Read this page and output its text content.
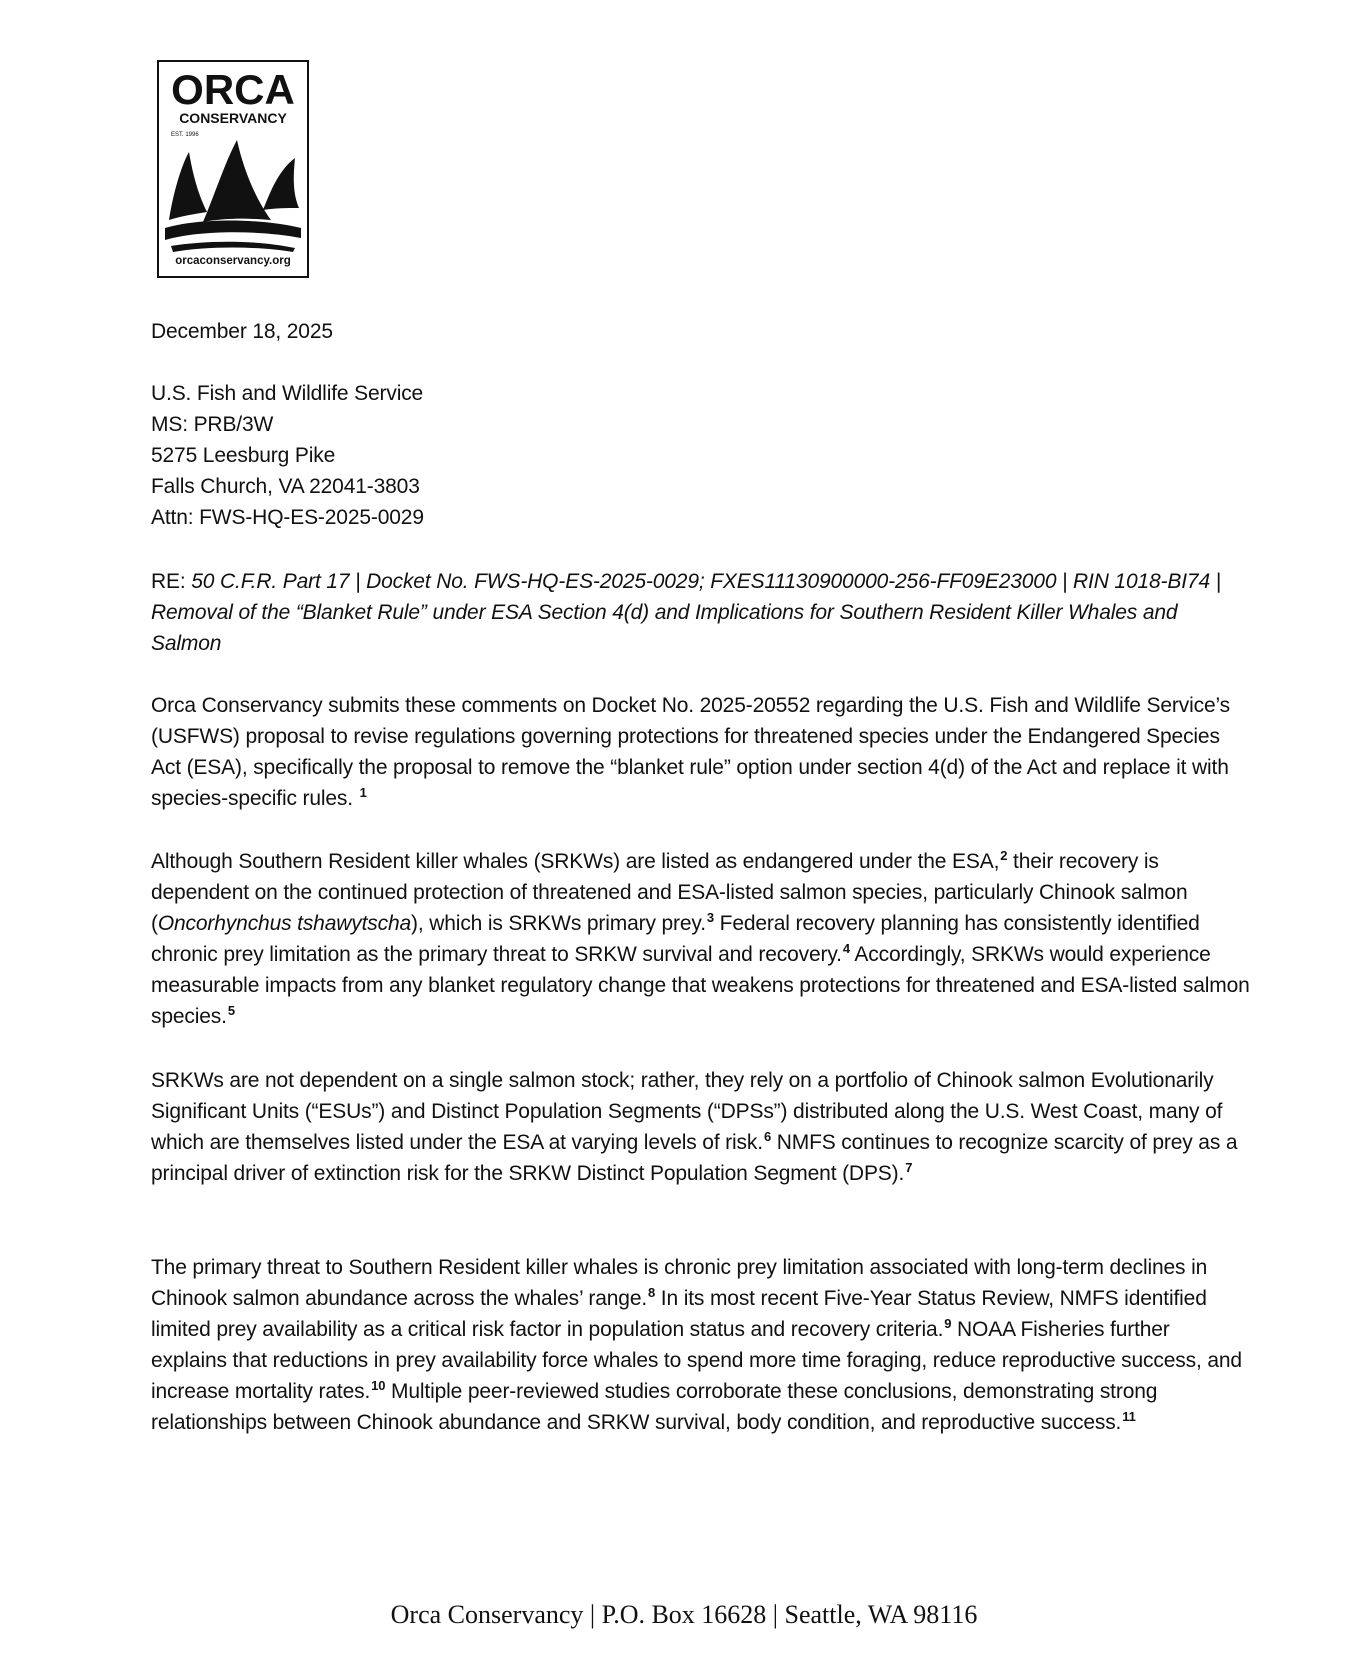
ORCA
CONSERVANCY
EST. 1996
orcaconservancy.org

December 18, 2025

U.S. Fish and Wildlife Service

MS: PRB/3W

5275 Leesburg Pike

Falls Church, VA 22041-3803

Attn: FWS-HQ-ES-2025-0029

RE: 50 C.F.R. Part 17 | Docket No. FWS-HQ-ES-2025-0029; FXES11130900000-256-FF09E23000 | RIN 1018-BI74 | Removal of the “Blanket Rule” under ESA Section 4(d) and Implications for Southern Resident Killer Whales and Salmon

Orca Conservancy submits these comments on Docket No. 2025-20552 regarding the U.S. Fish and Wildlife Service’s (USFWS) proposal to revise regulations governing protections for threatened species under the Endangered Species Act (ESA), specifically the proposal to remove the “blanket rule” option under section 4(d) of the Act and replace it with species-specific rules. $^1$

Although Southern Resident killer whales (SRKWs) are listed as endangered under the ESA,$^2$ their recovery is dependent on the continued protection of threatened and ESA-listed salmon species, particularly Chinook salmon (Oncorhynchus tshawytscha), which is SRKWs primary prey.$^3$ Federal recovery planning has consistently identified chronic prey limitation as the primary threat to SRKW survival and recovery.$^4$ Accordingly, SRKWs would experience measurable impacts from any blanket regulatory change that weakens protections for threatened and ESA-listed salmon species.$^5$

SRKWs are not dependent on a single salmon stock; rather, they rely on a portfolio of Chinook salmon Evolutionarily Significant Units (“ESUs”) and Distinct Population Segments (“DPSs”) distributed along the U.S. West Coast, many of which are themselves listed under the ESA at varying levels of risk.$^6$ NMFS continues to recognize scarcity of prey as a principal driver of extinction risk for the SRKW Distinct Population Segment (DPS).$^7$

The primary threat to Southern Resident killer whales is chronic prey limitation associated with long-term declines in Chinook salmon abundance across the whales’ range.$^8$ In its most recent Five-Year Status Review, NMFS identified limited prey availability as a critical risk factor in population status and recovery criteria.$^9$ NOAA Fisheries further explains that reductions in prey availability force whales to spend more time foraging, reduce reproductive success, and increase mortality rates.$^{10}$ Multiple peer-reviewed studies corroborate these conclusions, demonstrating strong relationships between Chinook abundance and SRKW survival, body condition, and reproductive success.$^{11}$

Orca Conservancy | P.O. Box 16628 | Seattle, WA 98116
